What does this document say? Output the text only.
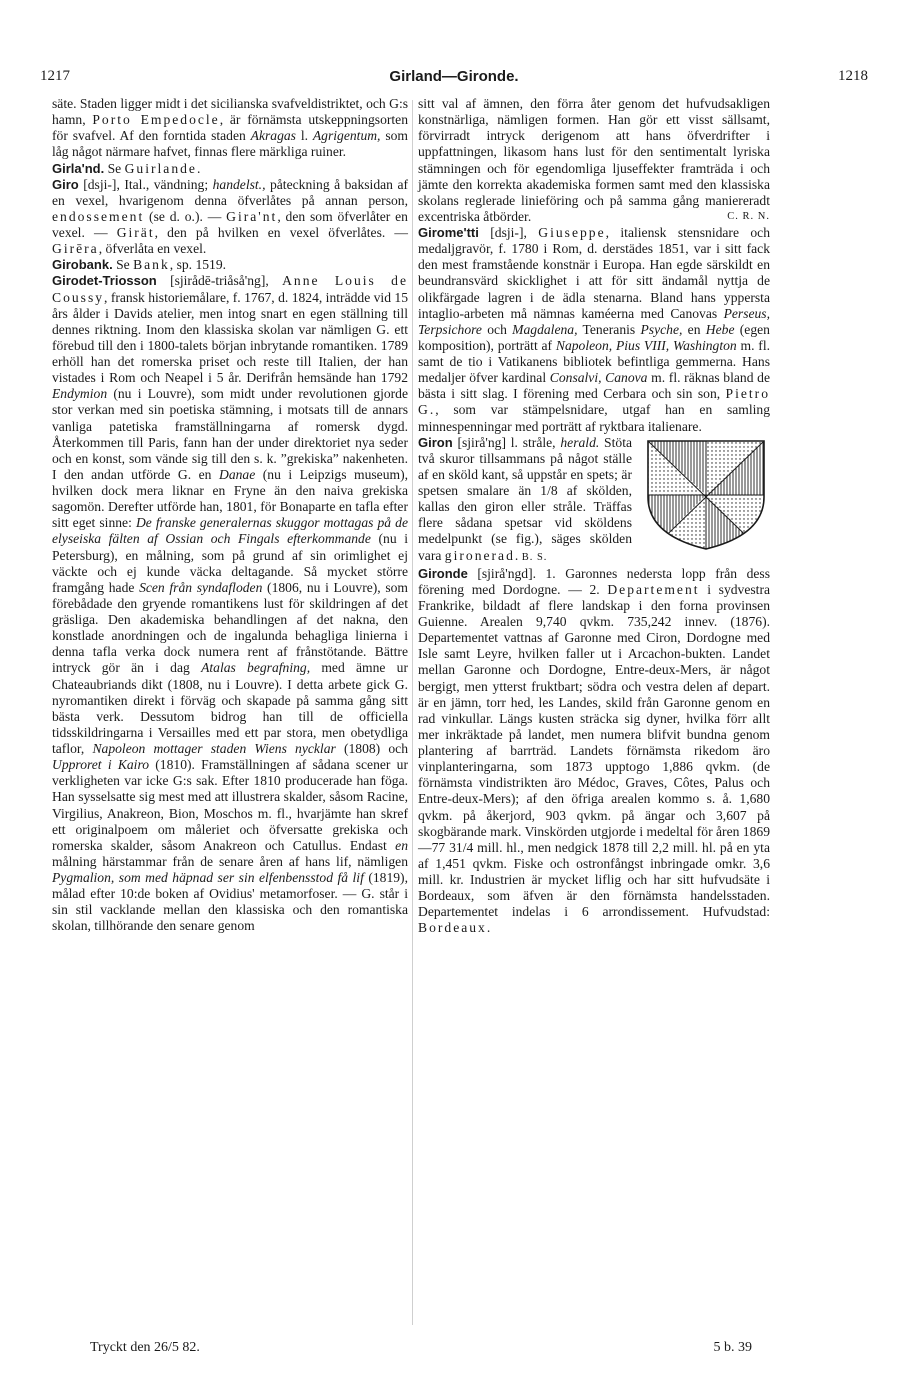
1217	Girland—Gironde.	1218

säte. Staden ligger midt i det sicilianska svafveldistriktet, och G:s hamn, Porto Empedocle, är förnämsta utskeppningsorten för svafvel. Af den forntida staden Akragas l. Agrigentum, som låg något närmare hafvet, finnas flere märkliga ruiner.

Girla'nd. Se Guirlande.

Giro [dsji-], Ital., vändning; handelst., påteckning å baksidan af en vexel, hvarigenom denna öfverlåtes på annan person, endossement (se d. o.). — Gira'nt, den som öfverlåter en vexel. — Girät, den på hvilken en vexel öfverlåtes. — Girēra, öfverlåta en vexel.

Girobank. Se Bank, sp. 1519.

Girodet-Triosson [sjirådē-triåså'ng], Anne Louis de Coussy, fransk historiemålare, f. 1767, d. 1824, inträdde vid 15 års ålder i Davids atelier, men intog snart en egen ställning till dennes riktning. Inom den klassiska skolan var nämligen G. ett förebud till den i 1800-talets början inbrytande romantiken. 1789 erhöll han det romerska priset och reste till Italien, der han vistades i Rom och Neapel i 5 år. Derifrån hemsände han 1792 Endymion (nu i Louvre), som midt under revolutionen gjorde stor verkan med sin poetiska stämning, i motsats till de annars vanliga patetiska framställningarna af romersk dygd. Återkommen till Paris, fann han der under direktoriet nya seder och en konst, som vände sig till den s. k. ”grekiska” nakenheten. I den andan utförde G. en Danae (nu i Leipzigs museum), hvilken dock mera liknar en Fryne än den naiva grekiska sagomön. Derefter utförde han, 1801, för Bonaparte en tafla efter sitt eget sinne: De franske generalernas skuggor mottagas på de elyseiska fälten af Ossian och Fingals efterkommande (nu i Petersburg), en målning, som på grund af sin orimlighet ej väckte och ej kunde väcka deltagande. Så mycket större framgång hade Scen från syndafloden (1806, nu i Louvre), som förebådade den gryende romantikens lust för skildringen af det gräsliga. Den akademiska behandlingen af det nakna, den konstlade anordningen och de ingalunda behagliga linierna i denna tafla verka dock numera rent af frånstötande. Bättre intryck gör än i dag Atalas begrafning, med ämne ur Chateaubriands dikt (1808, nu i Louvre). I detta arbete gick G. nyromantiken direkt i förväg och skapade på samma gång sitt bästa verk. Dessutom bidrog han till de officiella tidsskildringarna i Versailles med ett par stora, men obetydliga taflor, Napoleon mottager staden Wiens nycklar (1808) och Upproret i Kairo (1810). Framställningen af sådana scener ur verkligheten var icke G:s sak. Efter 1810 producerade han föga. Han sysselsatte sig mest med att illustrera skalder, såsom Racine, Virgilius, Anakreon, Bion, Moschos m. fl., hvarjämte han skref ett originalpoem om måleriet och öfversatte grekiska och romerska skalder, såsom Anakreon och Catullus. Endast en målning härstammar från de senare åren af hans lif, nämligen Pygmalion, som med häpnad ser sin elfenbensstod få lif (1819), målad efter 10:de boken af Ovidius' metamorfoser. — G. står i sin stil vacklande mellan den klassiska och den romantiska skolan, tillhörande den senare genom

sitt val af ämnen, den förra åter genom det hufvudsakligen konstnärliga, nämligen formen. Han gör ett visst sällsamt, förvirradt intryck derigenom att hans öfverdrifter i uppfattningen, likasom hans lust för den sentimentalt lyriska stämningen och för egendomliga ljuseffekter framträda i och jämte den korrekta akademiska formen samt med den klassiska skolans reglerade linieföring och på samma gång maniereradt excentriska åtbörder.	C. R. N.

Girome'tti [dsji-], Giuseppe, italiensk stensnidare och medaljgravör, f. 1780 i Rom, d. derstädes 1851, var i sitt fack den mest framstående konstnär i Europa. Han egde särskildt en beundransvärd skicklighet i att för sitt ändamål nyttja de olikfärgade lagren i de ädla stenarna. Bland hans yppersta intaglio-arbeten må nämnas kaméerna med Canovas Perseus, Terpsichore och Magdalena, Teneranis Psyche, en Hebe (egen komposition), porträtt af Napoleon, Pius VIII, Washington m. fl. samt de tio i Vatikanens bibliotek befintliga gemmerna. Hans medaljer öfver kardinal Consalvi, Canova m. fl. räknas bland de bästa i sitt slag. I förening med Cerbara och sin son, Pietro G., som var stämpelsnidare, utgaf han en samling minnespenningar med porträtt af ryktbara italienare.

Giron [sjirå'ng] l. stråle, herald. Stöta två skuror tillsammans på något ställe af en sköld kant, så uppstår en spets; är spetsen smalare än 1/8 af skölden, kallas den giron eller stråle. Träffas flere sådana spetsar vid sköldens medelpunkt (se fig.), säges skölden vara gironerad. B. S.

Gironde [sjirå'ngd]. 1. Garonnes nedersta lopp från dess förening med Dordogne. — 2. Departement i sydvestra Frankrike, bildadt af flere landskap i den forna provinsen Guienne. Arealen 9,740 qvkm. 735,242 innev. (1876). Departementet vattnas af Garonne med Ciron, Dordogne med Isle samt Leyre, hvilken faller ut i Arcachon-bukten. Landet mellan Garonne och Dordogne, Entre-deux-Mers, är något bergigt, men ytterst fruktbart; södra och vestra delen af depart. är en jämn, torr hed, les Landes, skild från Garonne genom en rad vinkullar. Längs kusten sträcka sig dyner, hvilka förr allt mer inkräktade på landet, men numera blifvit bundna genom plantering af barrträd. Landets förnämsta rikedom äro vinplanteringarna, som 1873 upptogo 1,886 qvkm. (de förnämsta vindistrikten äro Médoc, Graves, Côtes, Palus och Entre-deux-Mers); af den öfriga arealen kommo s. å. 1,680 qvkm. på åkerjord, 903 qvkm. på ängar och 3,607 på skogbärande mark. Vinskörden utgjorde i medeltal för åren 1869—77 31/4 mill. hl., men nedgick 1878 till 2,2 mill. hl. på en yta af 1,451 qvkm. Fiske och ostronfångst inbringade omkr. 3,6 mill. kr. Industrien är mycket liflig och har sitt hufvudsäte i Bordeaux, som äfven är den förnämsta handelsstaden. Departementet indelas i 6 arrondissement. Hufvudstad: Bordeaux.

Tryckt den 26/5 82.	5 b. 39
